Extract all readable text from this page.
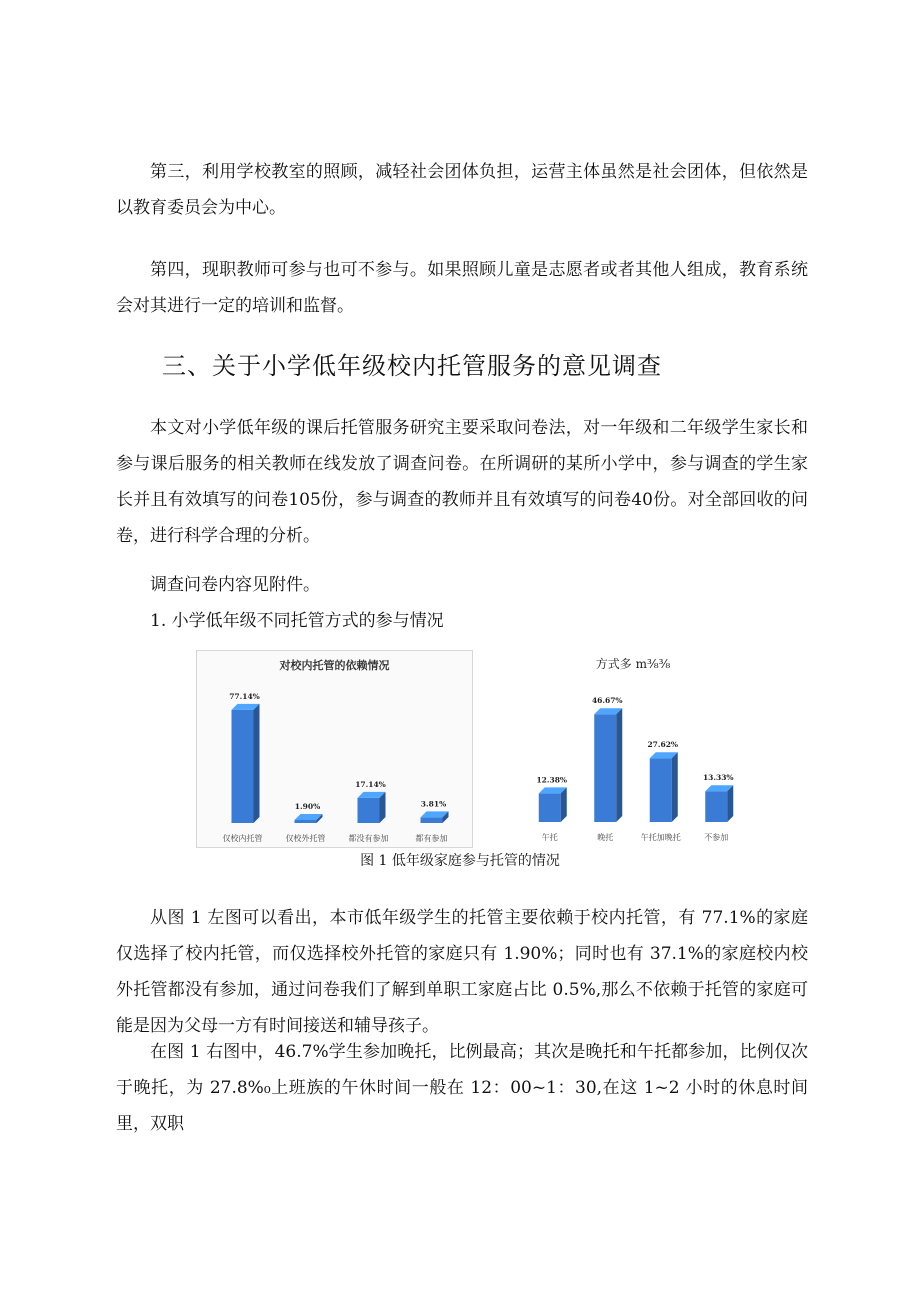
第三，利用学校教室的照顾，减轻社会团体负担，运营主体虽然是社会团体，但依然是以教育委员会为中心。

第四，现职教师可参与也可不参与。如果照顾儿童是志愿者或者其他人组成，教育系统会对其进行一定的培训和监督。

三、关于小学低年级校内托管服务的意见调查

本文对小学低年级的课后托管服务研究主要采取问卷法，对一年级和二年级学生家长和参与课后服务的相关教师在线发放了调查问卷。在所调研的某所小学中，参与调查的学生家长并且有效填写的问卷105份，参与调查的教师并且有效填写的问卷40份。对全部回收的问卷，进行科学合理的分析。

调查问卷内容见附件。

1. 小学低年级不同托管方式的参与情况

对校内托管的依赖情况
77.14%
仅校内托管
1.90%
仅校外托管
17.14%
都没有参加
3.81%
都有参加
方式多 m⅜⅜
12.38%
午托
46.67%
晚托
27.62%
午托加晚托
13.33%
不参加

图 1 低年级家庭参与托管的情况

从图 1 左图可以看出，本市低年级学生的托管主要依赖于校内托管，有 77.1%的家庭仅选择了校内托管，而仅选择校外托管的家庭只有 1.90%；同时也有 37.1%的家庭校内校外托管都没有参加，通过问卷我们了解到单职工家庭占比 0.5%,那么不依赖于托管的家庭可能是因为父母一方有时间接送和辅导孩子。

在图 1 右图中，46.7%学生参加晚托，比例最高；其次是晚托和午托都参加，比例仅次于晚托，为 27.8%₀上班族的午休时间一般在 12：00~1：30,在这 1~2 小时的休息时间里，双职
